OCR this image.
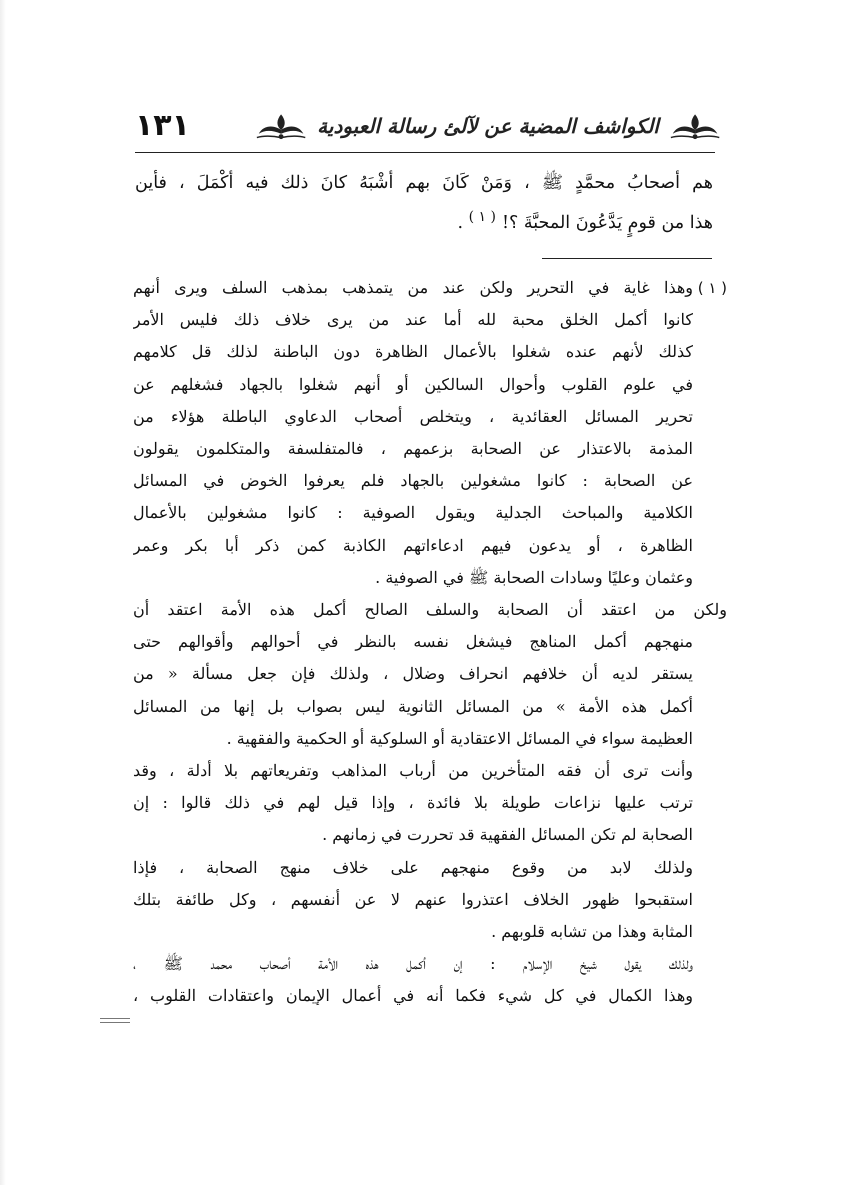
١٣١	الكواشف المضية عن لآلئ رسالة العبودية

هم أصحابُ محمَّدٍ ﷺ ، وَمَنْ كَانَ بهم أشْبَهُ كانَ ذلك فيه أكْمَلَ ، فأين
هذا من قومٍ يَدَّعُونَ المحبَّةَ ؟!$^{( ١ )}$ .

( ١ )
وهذا غاية في التحرير ولكن عند من يتمذهب بمذهب السلف ويرى أنهم
كانوا أكمل الخلق محبة لله أما عند من يرى خلاف ذلك فليس الأمر
كذلك لأنهم عنده شغلوا بالأعمال الظاهرة دون الباطنة لذلك قل كلامهم
في علوم القلوب وأحوال السالكين أو أنهم شغلوا بالجهاد فشغلهم عن
تحرير المسائل العقائدية ، ويتخلص أصحاب الدعاوي الباطلة هؤلاء من
المذمة بالاعتذار عن الصحابة بزعمهم ، فالمتفلسفة والمتكلمون يقولون
عن الصحابة : كانوا مشغولين بالجهاد فلم يعرفوا الخوض في المسائل
الكلامية والمباحث الجدلية ويقول الصوفية : كانوا مشغولين بالأعمال
الظاهرة ، أو يدعون فيهم ادعاءاتهم الكاذبة كمن ذكر أبا بكر وعمر
وعثمان وعليًا وسادات الصحابة ﷺ في الصوفية .
ولكن من اعتقد أن الصحابة والسلف الصالح أكمل هذه الأمة اعتقد أن
منهجهم أكمل المناهج فيشغل نفسه بالنظر في أحوالهم وأقوالهم حتى
يستقر لديه أن خلافهم انحراف وضلال ، ولذلك فإن جعل مسألة « من
أكمل هذه الأمة » من المسائل الثانوية ليس بصواب بل إنها من المسائل
العظيمة سواء في المسائل الاعتقادية أو السلوكية أو الحكمية والفقهية .
وأنت ترى أن فقه المتأخرين من أرباب المذاهب وتفريعاتهم بلا أدلة ، وقد
ترتب عليها نزاعات طويلة بلا فائدة ، وإذا قيل لهم في ذلك قالوا : إن
الصحابة لم تكن المسائل الفقهية قد تحررت في زمانهم .
ولذلك لابد من وقوع منهجهم على خلاف منهج الصحابة ، فإذا
استقبحوا ظهور الخلاف اعتذروا عنهم لا عن أنفسهم ، وكل طائفة بتلك
المثابة وهذا من تشابه قلوبهم .
ولذلك يقول شيخ الإسلام : إن أكمل هذه الأمة أصحاب محمد ﷺ ،
وهذا الكمال في كل شيء فكما أنه في أعمال الإيمان واعتقادات القلوب ،
